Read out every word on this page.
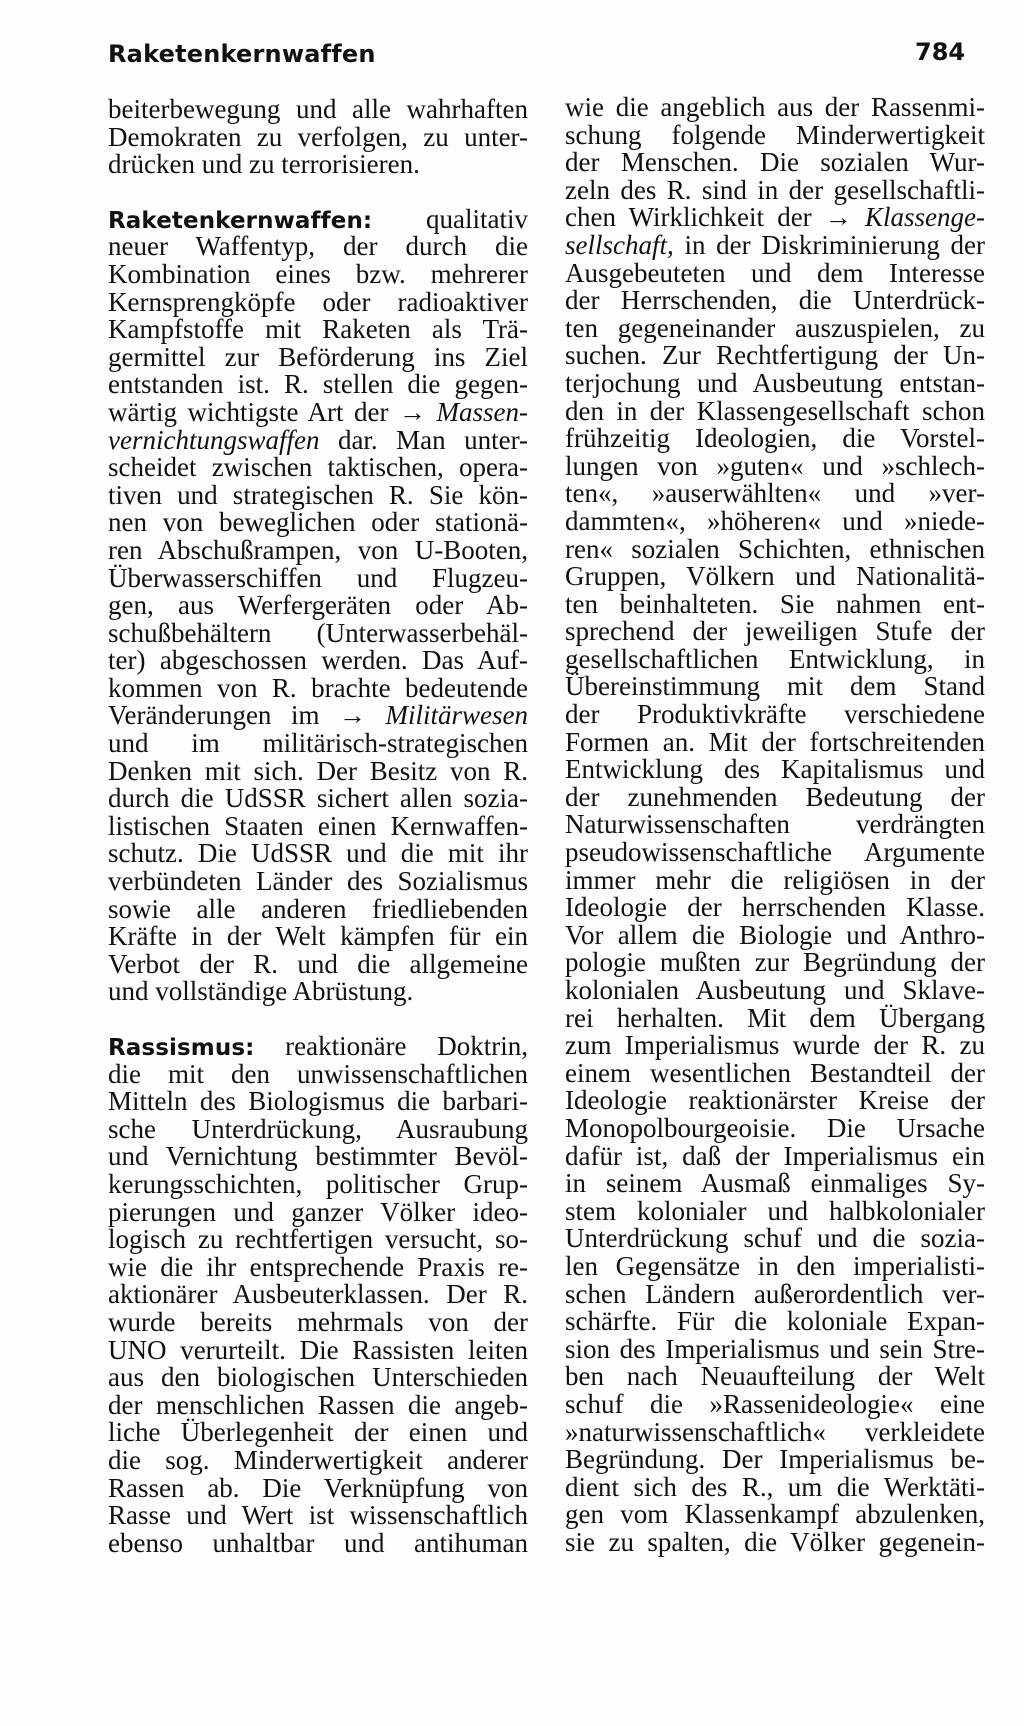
Raketenkernwaffen	784
beiterbewegung und alle wahrhaften
Demokraten zu verfolgen, zu unter-
drücken und zu terrorisieren.
Raketenkernwaffen: qualitativ
neuer Waffentyp, der durch die
Kombination eines bzw. mehrerer
Kernsprengköpfe oder radioaktiver
Kampfstoffe mit Raketen als Trä-
germittel zur Beförderung ins Ziel
entstanden ist. R. stellen die gegen-
wärtig wichtigste Art der → Massen-
vernichtungswaffen dar. Man unter-
scheidet zwischen taktischen, opera-
tiven und strategischen R. Sie kön-
nen von beweglichen oder stationä-
ren Abschußrampen, von U-Booten,
Überwasserschiffen und Flugzeu-
gen, aus Werfergeräten oder Ab-
schußbehältern (Unterwasserbehäl-
ter) abgeschossen werden. Das Auf-
kommen von R. brachte bedeutende
Veränderungen im → Militärwesen
und im militärisch-strategischen
Denken mit sich. Der Besitz von R.
durch die UdSSR sichert allen sozia-
listischen Staaten einen Kernwaffen-
schutz. Die UdSSR und die mit ihr
verbündeten Länder des Sozialismus
sowie alle anderen friedliebenden
Kräfte in der Welt kämpfen für ein
Verbot der R. und die allgemeine
und vollständige Abrüstung.
Rassismus: reaktionäre Doktrin,
die mit den unwissenschaftlichen
Mitteln des Biologismus die barbari-
sche Unterdrückung, Ausraubung
und Vernichtung bestimmter Bevöl-
kerungsschichten, politischer Grup-
pierungen und ganzer Völker ideo-
logisch zu rechtfertigen versucht, so-
wie die ihr entsprechende Praxis re-
aktionärer Ausbeuterklassen. Der R.
wurde bereits mehrmals von der
UNO verurteilt. Die Rassisten leiten
aus den biologischen Unterschieden
der menschlichen Rassen die angeb-
liche Überlegenheit der einen und
die sog. Minderwertigkeit anderer
Rassen ab. Die Verknüpfung von
Rasse und Wert ist wissenschaftlich
ebenso unhaltbar und antihuman
wie die angeblich aus der Rassenmi-
schung folgende Minderwertigkeit
der Menschen. Die sozialen Wur-
zeln des R. sind in der gesellschaftli-
chen Wirklichkeit der → Klassenge-
sellschaft, in der Diskriminierung der
Ausgebeuteten und dem Interesse
der Herrschenden, die Unterdrück-
ten gegeneinander auszuspielen, zu
suchen. Zur Rechtfertigung der Un-
terjochung und Ausbeutung entstan-
den in der Klassengesellschaft schon
frühzeitig Ideologien, die Vorstel-
lungen von »guten« und »schlech-
ten«, »auserwählten« und »ver-
dammten«, »höheren« und »niede-
ren« sozialen Schichten, ethnischen
Gruppen, Völkern und Nationalitä-
ten beinhalteten. Sie nahmen ent-
sprechend der jeweiligen Stufe der
gesellschaftlichen Entwicklung, in
Übereinstimmung mit dem Stand
der Produktivkräfte verschiedene
Formen an. Mit der fortschreitenden
Entwicklung des Kapitalismus und
der zunehmenden Bedeutung der
Naturwissenschaften verdrängten
pseudowissenschaftliche Argumente
immer mehr die religiösen in der
Ideologie der herrschenden Klasse.
Vor allem die Biologie und Anthro-
pologie mußten zur Begründung der
kolonialen Ausbeutung und Sklave-
rei herhalten. Mit dem Übergang
zum Imperialismus wurde der R. zu
einem wesentlichen Bestandteil der
Ideologie reaktionärster Kreise der
Monopolbourgeoisie. Die Ursache
dafür ist, daß der Imperialismus ein
in seinem Ausmaß einmaliges Sy-
stem kolonialer und halbkolonialer
Unterdrückung schuf und die sozia-
len Gegensätze in den imperialisti-
schen Ländern außerordentlich ver-
schärfte. Für die koloniale Expan-
sion des Imperialismus und sein Stre-
ben nach Neuaufteilung der Welt
schuf die »Rassenideologie« eine
»naturwissenschaftlich« verkleidete
Begründung. Der Imperialismus be-
dient sich des R., um die Werktäti-
gen vom Klassenkampf abzulenken,
sie zu spalten, die Völker gegenein-
